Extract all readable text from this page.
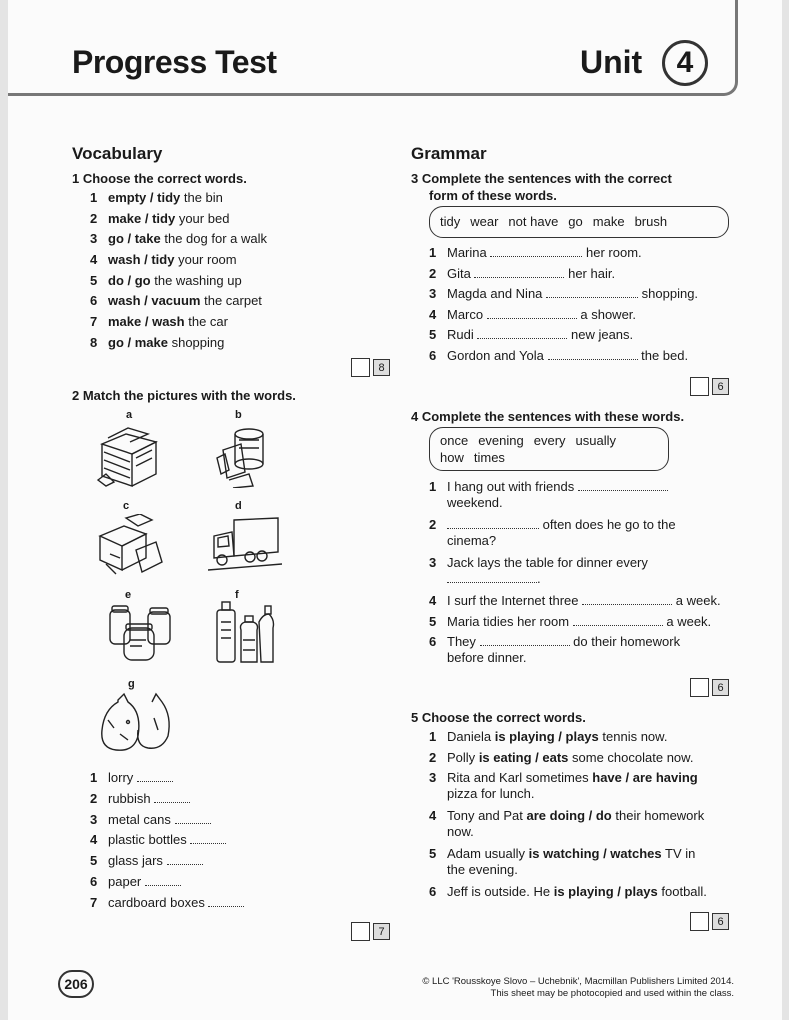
Progress Test	Unit	4
Vocabulary
1 Choose the correct words.
1 empty / tidy the bin
2 make / tidy your bed
3 go / take the dog for a walk
4 wash / tidy your room
5 do / go the washing up
6 wash / vacuum the carpet
7 make / wash the car
8 go / make shopping
8
2 Match the pictures with the words.
a	b
c	d
e	f
g
1 lorry
2 rubbish
3 metal cans
4 plastic bottles
5 glass jars
6 paper
7 cardboard boxes
7
Grammar
3 Complete the sentences with the correct
form of these words.
tidy wear not have go make brush
1 Marina	her room.
2 Gita	her hair.
3 Magda and Nina	shopping.
4 Marco	a shower.
5 Rudi	new jeans.
6 Gordon and Yola	the bed.
6
4 Complete the sentences with these words.
once evening every usually
how times
1 I hang out with friends
weekend.
2	often does he go to the
cinema?
3 Jack lays the table for dinner every
.
4 I surf the Internet three	a week.
5 Maria tidies her room	a week.
6 They	do their homework
before dinner.
6
5 Choose the correct words.
1 Daniela is playing / plays tennis now.
2 Polly is eating / eats some chocolate now.
3 Rita and Karl sometimes have / are having
pizza for lunch.
4 Tony and Pat are doing / do their homework
now.
5 Adam usually is watching / watches TV in
the evening.
6 Jeff is outside. He is playing / plays football.
6
206	© LLC 'Rousskoye Slovo – Uchebnik', Macmillan Publishers Limited 2014.
This sheet may be photocopied and used within the class.
